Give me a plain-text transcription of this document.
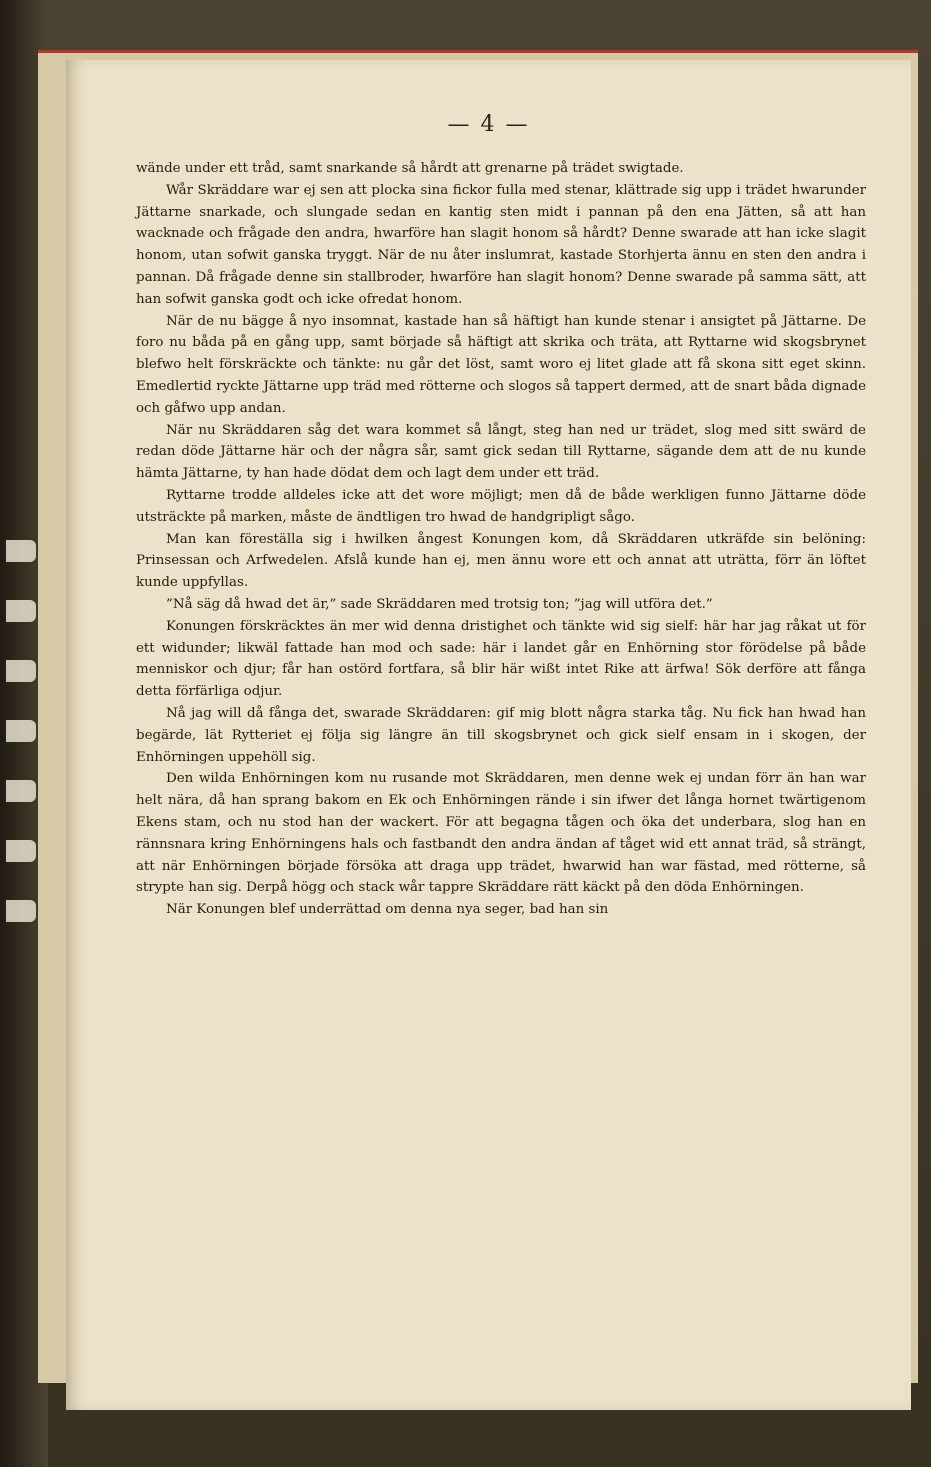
— 4 —

wände under ett tråd, samt snarkande så hårdt att grenarne på trädet swigtade.

Wår Skräddare war ej sen att plocka sina fickor fulla med stenar, klättrade sig upp i trädet hwarunder Jättarne snarkade, och slungade sedan en kantig sten midt i pannan på den ena Jätten, så att han wacknade och frågade den andra, hwarföre han slagit honom så hårdt? Denne swarade att han icke slagit honom, utan sofwit ganska tryggt. När de nu åter inslumrat, kastade Storhjerta ännu en sten den andra i pannan. Då frågade denne sin stallbroder, hwarföre han slagit honom? Denne swarade på samma sätt, att han sofwit ganska godt och icke ofredat honom.

När de nu bägge å nyo insomnat, kastade han så häftigt han kunde stenar i ansigtet på Jättarne. De foro nu båda på en gång upp, samt började så häftigt att skrika och träta, att Ryttarne wid skogsbrynet blefwo helt förskräckte och tänkte: nu går det löst, samt woro ej litet glade att få skona sitt eget skinn. Emedlertid ryckte Jättarne upp träd med rötterne och slogos så tappert dermed, att de snart båda dignade och gåfwo upp andan.

När nu Skräddaren såg det wara kommet så långt, steg han ned ur trädet, slog med sitt swärd de redan döde Jättarne här och der några sår, samt gick sedan till Ryttarne, sägande dem att de nu kunde hämta Jättarne, ty han hade dödat dem och lagt dem under ett träd.

Ryttarne trodde alldeles icke att det wore möjligt; men då de både werkligen funno Jättarne döde utsträckte på marken, måste de ändtligen tro hwad de handgripligt sågo.

Man kan föreställa sig i hwilken ångest Konungen kom, då Skräddaren utkräfde sin belöning: Prinsessan och Arfwedelen. Afslå kunde han ej, men ännu wore ett och annat att uträtta, förr än löftet kunde uppfyllas.

”Nå säg då hwad det är,” sade Skräddaren med trotsig ton; ”jag will utföra det.”

Konungen förskräcktes än mer wid denna dristighet och tänkte wid sig sielf: här har jag råkat ut för ett widunder; likwäl fattade han mod och sade: här i landet går en Enhörning stor förödelse på både menniskor och djur; får han ostörd fortfara, så blir här wißt intet Rike att ärfwa! Sök derföre att fånga detta förfärliga odjur.

Nå jag will då fånga det, swarade Skräddaren: gif mig blott några starka tåg. Nu fick han hwad han begärde, lät Rytteriet ej följa sig längre än till skogsbrynet och gick sielf ensam in i skogen, der Enhörningen uppehöll sig.

Den wilda Enhörningen kom nu rusande mot Skräddaren, men denne wek ej undan förr än han war helt nära, då han sprang bakom en Ek och Enhörningen rände i sin ifwer det långa hornet twärtigenom Ekens stam, och nu stod han der wackert. För att begagna tågen och öka det underbara, slog han en rännsnara kring Enhörningens hals och fastbandt den andra ändan af tåget wid ett annat träd, så strängt, att när Enhörningen började försöka att draga upp trädet, hwarwid han war fästad, med rötterne, så strypte han sig. Derpå högg och stack wår tappre Skräddare rätt käckt på den döda Enhörningen.

När Konungen blef underrättad om denna nya seger, bad han sin
